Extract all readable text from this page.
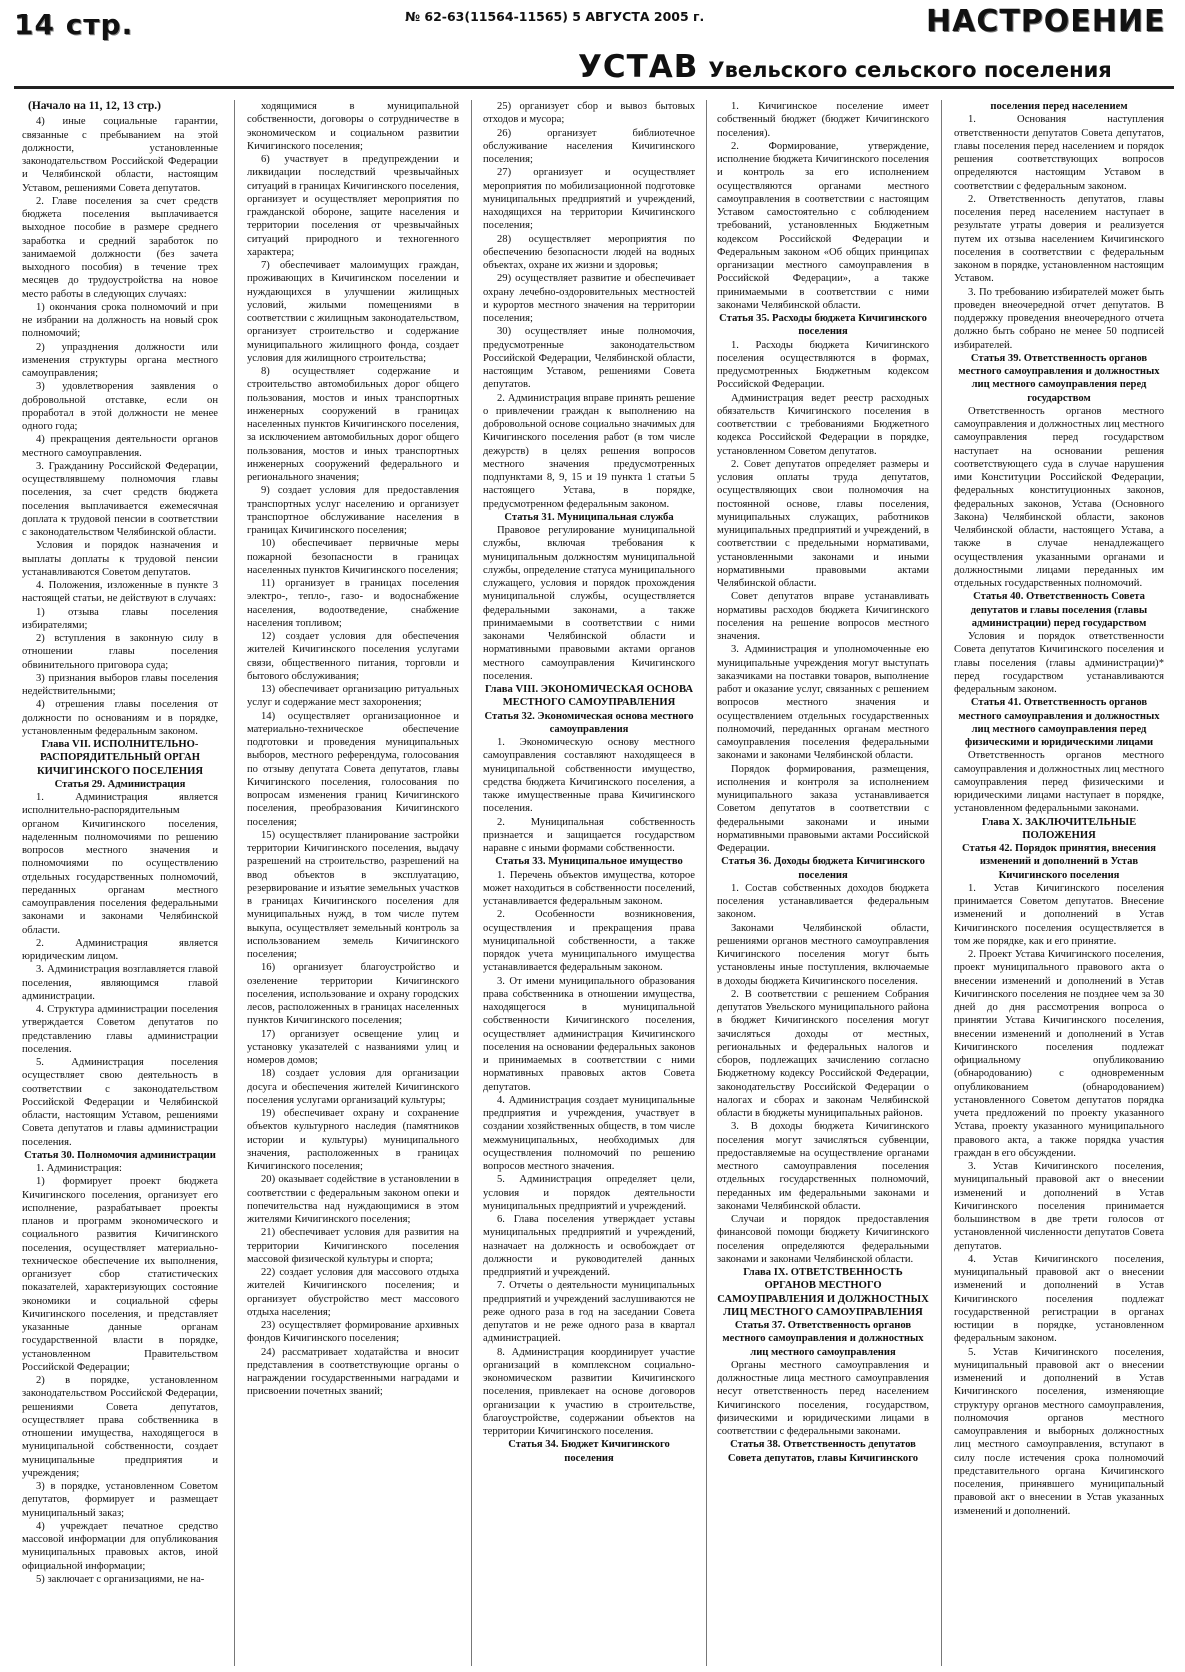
14 стр.	№ 62-63(11564-11565) 5 АВГУСТА 2005 г.	НАСТРОЕНИЕ
УСТАВ Увельского сельского поселения

(Начало на 11, 12, 13 стр.)

4) иные социальные гарантии, связанные с пребыванием на этой должности, установленные законодательством Российской Федерации и Челябинской области, настоящим Уставом, решениями Совета депутатов.

2. Главе поселения за счет средств бюджета поселения выплачивается выходное пособие в размере среднего заработка и средний заработок по занимаемой должности (без зачета выходного пособия) в течение трех месяцев до трудоустройства на новое место работы в следующих случаях:

1) окончания срока полномочий и при не избрании на должность на новый срок полномочий;

2) упразднения должности или изменения структуры органа местного самоуправления;

3) удовлетворения заявления о добровольной отставке, если он проработал в этой должности не менее одного года;

4) прекращения деятельности органов местного самоуправления.

3. Гражданину Российской Федерации, осуществлявшему полномочия главы поселения, за счет средств бюджета поселения выплачивается ежемесячная доплата к трудовой пенсии в соответствии с законодательством Челябинской области.

Условия и порядок назначения и выплаты доплаты к трудовой пенсии устанавливаются Советом депутатов.

4. Положения, изложенные в пункте 3 настоящей статьи, не действуют в случаях:

1) отзыва главы поселения избирателями;

2) вступления в законную силу в отношении главы поселения обвинительного приговора суда;

3) признания выборов главы поселения недействительными;

4) отрешения главы поселения от должности по основаниям и в порядке, установленным федеральным законом.

Глава VII. ИСПОЛНИТЕЛЬНО-РАСПОРЯДИТЕЛЬНЫЙ ОРГАН КИЧИГИНСКОГО ПОСЕЛЕНИЯ

Статья 29. Администрация

1. Администрация является исполнительно-распорядительным органом Кичигинского поселения, наделенным полномочиями по решению вопросов местного значения и полномочиями по осуществлению отдельных государственных полномочий, переданных органам местного самоуправления поселения федеральными законами и законами Челябинской области.

2. Администрация является юридическим лицом.

3. Администрация возглавляется главой поселения, являющимся главой администрации.

4. Структура администрации поселения утверждается Советом депутатов по представлению главы администрации поселения.

5. Администрация поселения осуществляет свою деятельность в соответствии с законодательством Российской Федерации и Челябинской области, настоящим Уставом, решениями Совета депутатов и главы администрации поселения.

Статья 30. Полномочия администрации

1. Администрация:

1) формирует проект бюджета Кичигинского поселения, организует его исполнение, разрабатывает проекты планов и программ экономического и социального развития Кичигинского поселения, осуществляет материально-техническое обеспечение их выполнения, организует сбор статистических показателей, характеризующих состояние экономики и социальной сферы Кичигинского поселения, и представляет указанные данные органам государственной власти в порядке, установленном Правительством Российской Федерации;

2) в порядке, установленном законодательством Российской Федерации, решениями Совета депутатов, осуществляет права собственника в отношении имущества, находящегося в муниципальной собственности, создает муниципальные предприятия и учреждения;

3) в порядке, установленном Советом депутатов, формирует и размещает муниципальный заказ;

4) учреждает печатное средство массовой информации для опубликования муниципальных правовых актов, иной официальной информации;

5) заключает с организациями, не на-

ходящимися в муниципальной собственности, договоры о сотрудничестве в экономическом и социальном развитии Кичигинского поселения;

6) участвует в предупреждении и ликвидации последствий чрезвычайных ситуаций в границах Кичигинского поселения, организует и осуществляет мероприятия по гражданской обороне, защите населения и территории поселения от чрезвычайных ситуаций природного и техногенного характера;

7) обеспечивает малоимущих граждан, проживающих в Кичигинском поселении и нуждающихся в улучшении жилищных условий, жилыми помещениями в соответствии с жилищным законодательством, организует строительство и содержание муниципального жилищного фонда, создает условия для жилищного строительства;

8) осуществляет содержание и строительство автомобильных дорог общего пользования, мостов и иных транспортных инженерных сооружений в границах населенных пунктов Кичигинского поселения, за исключением автомобильных дорог общего пользования, мостов и иных транспортных инженерных сооружений федерального и регионального значения;

9) создает условия для предоставления транспортных услуг населению и организует транспортное обслуживание населения в границах Кичигинского поселения;

10) обеспечивает первичные меры пожарной безопасности в границах населенных пунктов Кичигинского поселения;

11) организует в границах поселения электро-, тепло-, газо- и водоснабжение населения, водоотведение, снабжение населения топливом;

12) создает условия для обеспечения жителей Кичигинского поселения услугами связи, общественного питания, торговли и бытового обслуживания;

13) обеспечивает организацию ритуальных услуг и содержание мест захоронения;

14) осуществляет организационное и материально-техническое обеспечение подготовки и проведения муниципальных выборов, местного референдума, голосования по отзыву депутата Совета депутатов, главы Кичигинского поселения, голосования по вопросам изменения границ Кичигинского поселения, преобразования Кичигинского поселения;

15) осуществляет планирование застройки территории Кичигинского поселения, выдачу разрешений на строительство, разрешений на ввод объектов в эксплуатацию, резервирование и изъятие земельных участков в границах Кичигинского поселения для муниципальных нужд, в том числе путем выкупа, осуществляет земельный контроль за использованием земель Кичигинского поселения;

16) организует благоустройство и озеленение территории Кичигинского поселения, использование и охрану городских лесов, расположенных в границах населенных пунктов Кичигинского поселения;

17) организует освещение улиц и установку указателей с названиями улиц и номеров домов;

18) создает условия для организации досуга и обеспечения жителей Кичигинского поселения услугами организаций культуры;

19) обеспечивает охрану и сохранение объектов культурного наследия (памятников истории и культуры) муниципального значения, расположенных в границах Кичигинского поселения;

20) оказывает содействие в установлении в соответствии с федеральным законом опеки и попечительства над нуждающимися в этом жителями Кичигинского поселения;

21) обеспечивает условия для развития на территории Кичигинского поселения массовой физической культуры и спорта;

22) создает условия для массового отдыха жителей Кичигинского поселения; и организует обустройство мест массового отдыха населения;

23) осуществляет формирование архивных фондов Кичигинского поселения;

24) рассматривает ходатайства и вносит представления в соответствующие органы о награждении государственными наградами и присвоении почетных званий;

25) организует сбор и вывоз бытовых отходов и мусора;

26) организует библиотечное обслуживание населения Кичигинского поселения;

27) организует и осуществляет мероприятия по мобилизационной подготовке муниципальных предприятий и учреждений, находящихся на территории Кичигинского поселения;

28) осуществляет мероприятия по обеспечению безопасности людей на водных объектах, охране их жизни и здоровья;

29) осуществляет развитие и обеспечивает охрану лечебно-оздоровительных местностей и курортов местного значения на территории поселения;

30) осуществляет иные полномочия, предусмотренные законодательством Российской Федерации, Челябинской области, настоящим Уставом, решениями Совета депутатов.

2. Администрация вправе принять решение о привлечении граждан к выполнению на добровольной основе социально значимых для Кичигинского поселения работ (в том числе дежурств) в целях решения вопросов местного значения предусмотренных подпунктами 8, 9, 15 и 19 пункта 1 статьи 5 настоящего Устава, в порядке, предусмотренном федеральным законом.

Статья 31. Муниципальная служба

Правовое регулирование муниципальной службы, включая требования к муниципальным должностям муниципальной службы, определение статуса муниципального служащего, условия и порядок прохождения муниципальной службы, осуществляется федеральными законами, а также принимаемыми в соответствии с ними законами Челябинской области и нормативными правовыми актами органов местного самоуправления Кичигинского поселения.

Глава VIII. ЭКОНОМИЧЕСКАЯ ОСНОВА МЕСТНОГО САМОУПРАВЛЕНИЯ

Статья 32. Экономическая основа местного самоуправления

1. Экономическую основу местного самоуправления составляют находящееся в муниципальной собственности имущество, средства бюджета Кичигинского поселения, а также имущественные права Кичигинского поселения.

2. Муниципальная собственность признается и защищается государством наравне с иными формами собственности.

Статья 33. Муниципальное имущество

1. Перечень объектов имущества, которое может находиться в собственности поселений, устанавливается федеральным законом.

2. Особенности возникновения, осуществления и прекращения права муниципальной собственности, а также порядок учета муниципального имущества устанавливается федеральным законом.

3. От имени муниципального образования права собственника в отношении имущества, находящегося в муниципальной собственности Кичигинского поселения, осуществляет администрация Кичигинского поселения на основании федеральных законов и принимаемых в соответствии с ними нормативных правовых актов Совета депутатов.

4. Администрация создает муниципальные предприятия и учреждения, участвует в создании хозяйственных обществ, в том числе межмуниципальных, необходимых для осуществления полномочий по решению вопросов местного значения.

5. Администрация определяет цели, условия и порядок деятельности муниципальных предприятий и учреждений.

6. Глава поселения утверждает уставы муниципальных предприятий и учреждений, назначает на должность и освобождает от должности и руководителей данных предприятий и учреждений.

7. Отчеты о деятельности муниципальных предприятий и учреждений заслушиваются не реже одного раза в год на заседании Совета депутатов и не реже одного раза в квартал администрацией.

8. Администрация координирует участие организаций в комплексном социально-экономическом развитии Кичигинского поселения, привлекает на основе договоров организации к участию в строительстве, благоустройстве, содержании объектов на территории Кичигинского поселения.

Статья 34. Бюджет Кичигинского поселения

1. Кичигинское поселение имеет собственный бюджет (бюджет Кичигинского поселения).

2. Формирование, утверждение, исполнение бюджета Кичигинского поселения и контроль за его исполнением осуществляются органами местного самоуправления в соответствии с настоящим Уставом самостоятельно с соблюдением требований, установленных Бюджетным кодексом Российской Федерации и Федеральным законом «Об общих принципах организации местного самоуправления в Российской Федерации», а также принимаемыми в соответствии с ними законами Челябинской области.

Статья 35. Расходы бюджета Кичигинского поселения

1. Расходы бюджета Кичигинского поселения осуществляются в формах, предусмотренных Бюджетным кодексом Российской Федерации.

Администрация ведет реестр расходных обязательств Кичигинского поселения в соответствии с требованиями Бюджетного кодекса Российской Федерации в порядке, установленном Советом депутатов.

2. Совет депутатов определяет размеры и условия оплаты труда депутатов, осуществляющих свои полномочия на постоянной основе, главы поселения, муниципальных служащих, работников муниципальных предприятий и учреждений, в соответствии с предельными нормативами, установленными законами и иными нормативными правовыми актами Челябинской области.

Совет депутатов вправе устанавливать нормативы расходов бюджета Кичигинского поселения на решение вопросов местного значения.

3. Администрация и уполномоченные ею муниципальные учреждения могут выступать заказчиками на поставки товаров, выполнение работ и оказание услуг, связанных с решением вопросов местного значения и осуществлением отдельных государственных полномочий, переданных органам местного самоуправления поселения федеральными законами и законами Челябинской области.

Порядок формирования, размещения, исполнения и контроля за исполнением муниципального заказа устанавливается Советом депутатов в соответствии с федеральными законами и иными нормативными правовыми актами Российской Федерации.

Статья 36. Доходы бюджета Кичигинского поселения

1. Состав собственных доходов бюджета поселения устанавливается федеральным законом.

Законами Челябинской области, решениями органов местного самоуправления Кичигинского поселения могут быть установлены иные поступления, включаемые в доходы бюджета Кичигинского поселения.

2. В соответствии с решением Собрания депутатов Увельского муниципального района в бюджет Кичигинского поселения могут зачисляться доходы от местных, региональных и федеральных налогов и сборов, подлежащих зачислению согласно Бюджетному кодексу Российской Федерации, законодательству Российской Федерации о налогах и сборах и законам Челябинской области в бюджеты муниципальных районов.

3. В доходы бюджета Кичигинского поселения могут зачисляться субвенции, предоставляемые на осуществление органами местного самоуправления поселения отдельных государственных полномочий, переданных им федеральными законами и законами Челябинской области.

Случаи и порядок предоставления финансовой помощи бюджету Кичигинского поселения определяются федеральными законами и законами Челябинской области.

Глава IX. ОТВЕТСТВЕННОСТЬ ОРГАНОВ МЕСТНОГО САМОУПРАВЛЕНИЯ И ДОЛЖНОСТНЫХ ЛИЦ МЕСТНОГО САМОУПРАВЛЕНИЯ

Статья 37. Ответственность органов местного самоуправления и должностных лиц местного самоуправления

Органы местного самоуправления и должностные лица местного самоуправления несут ответственность перед населением Кичигинского поселения, государством, физическими и юридическими лицами в соответствии с федеральными законами.

Статья 38. Ответственность депутатов Совета депутатов, главы Кичигинского

поселения перед населением

1. Основания наступления ответственности депутатов Совета депутатов, главы поселения перед населением и порядок решения соответствующих вопросов определяются настоящим Уставом в соответствии с федеральным законом.

2. Ответственность депутатов, главы поселения перед населением наступает в результате утраты доверия и реализуется путем их отзыва населением Кичигинского поселения в соответствии с федеральным законом в порядке, установленном настоящим Уставом.

3. По требованию избирателей может быть проведен внеочередной отчет депутатов. В поддержку проведения внеочередного отчета должно быть собрано не менее 50 подписей избирателей.

Статья 39. Ответственность органов местного самоуправления и должностных лиц местного самоуправления перед государством

Ответственность органов местного самоуправления и должностных лиц местного самоуправления перед государством наступает на основании решения соответствующего суда в случае нарушения ими Конституции Российской Федерации, федеральных конституционных законов, федеральных законов, Устава (Основного Закона) Челябинской области, законов Челябинской области, настоящего Устава, а также в случае ненадлежащего осуществления указанными органами и должностными лицами переданных им отдельных государственных полномочий.

Статья 40. Ответственность Совета депутатов и главы поселения (главы администрации) перед государством

Условия и порядок ответственности Совета депутатов Кичигинского поселения и главы поселения (главы администрации)* перед государством устанавливаются федеральным законом.

Статья 41. Ответственность органов местного самоуправления и должностных лиц местного самоуправления перед физическими и юридическими лицами

Ответственность органов местного самоуправления и должностных лиц местного самоуправления перед физическими и юридическими лицами наступает в порядке, установленном федеральными законами.

Глава X. ЗАКЛЮЧИТЕЛЬНЫЕ ПОЛОЖЕНИЯ

Статья 42. Порядок принятия, внесения изменений и дополнений в Устав Кичигинского поселения

1. Устав Кичигинского поселения принимается Советом депутатов. Внесение изменений и дополнений в Устав Кичигинского поселения осуществляется в том же порядке, как и его принятие.

2. Проект Устава Кичигинского поселения, проект муниципального правового акта о внесении изменений и дополнений в Устав Кичигинского поселения не позднее чем за 30 дней до дня рассмотрения вопроса о принятии Устава Кичигинского поселения, внесении изменений и дополнений в Устав Кичигинского поселения подлежат официальному опубликованию (обнародованию) с одновременным опубликованием (обнародованием) установленного Советом депутатов порядка учета предложений по проекту указанного Устава, проекту указанного муниципального правового акта, а также порядка участия граждан в его обсуждении.

3. Устав Кичигинского поселения, муниципальный правовой акт о внесении изменений и дополнений в Устав Кичигинского поселения принимается большинством в две трети голосов от установленной численности депутатов Совета депутатов.

4. Устав Кичигинского поселения, муниципальный правовой акт о внесении изменений и дополнений в Устав Кичигинского поселения подлежат государственной регистрации в органах юстиции в порядке, установленном федеральным законом.

5. Устав Кичигинского поселения, муниципальный правовой акт о внесении изменений и дополнений в Устав Кичигинского поселения, изменяющие структуру органов местного самоуправления, полномочия органов местного самоуправления и выборных должностных лиц местного самоуправления, вступают в силу после истечения срока полномочий представительного органа Кичигинского поселения, принявшего муниципальный правовой акт о внесении в Устав указанных изменений и дополнений.
